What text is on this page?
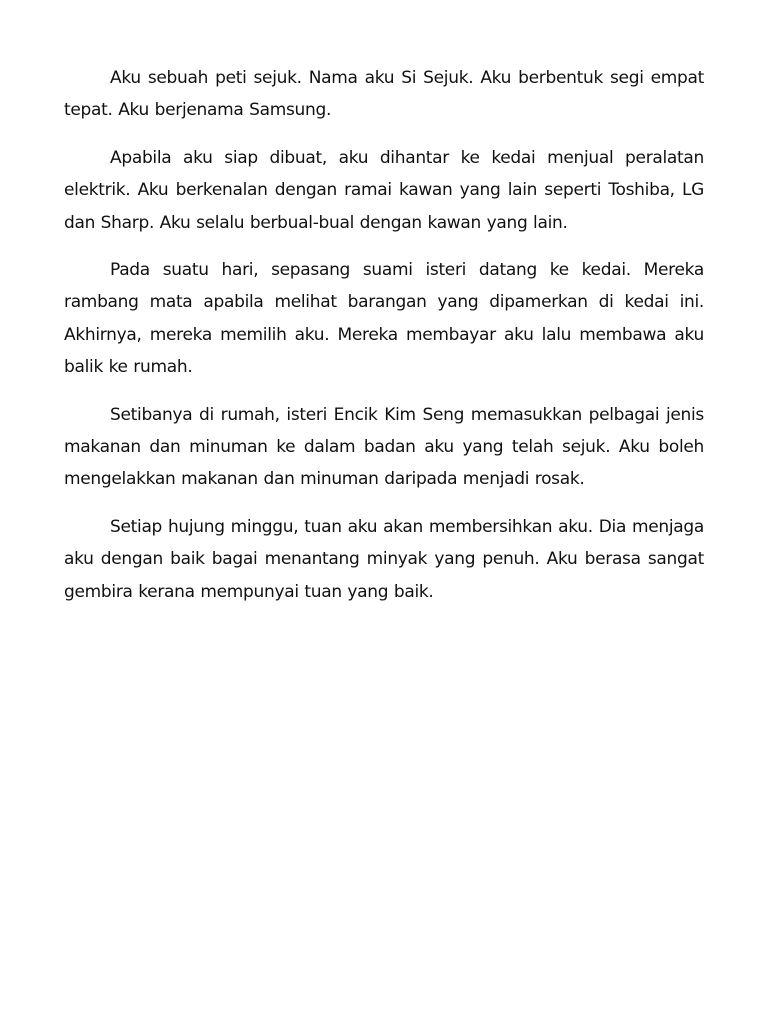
Aku sebuah peti sejuk. Nama aku Si Sejuk. Aku berbentuk segi empat tepat. Aku berjenama Samsung.

Apabila aku siap dibuat, aku dihantar ke kedai menjual peralatan elektrik. Aku berkenalan dengan ramai kawan yang lain seperti Toshiba, LG dan Sharp. Aku selalu berbual-bual dengan kawan yang lain.

Pada suatu hari, sepasang suami isteri datang ke kedai. Mereka rambang mata apabila melihat barangan yang dipamerkan di kedai ini. Akhirnya, mereka memilih aku. Mereka membayar aku lalu membawa aku balik ke rumah.

Setibanya di rumah, isteri Encik Kim Seng memasukkan pelbagai jenis makanan dan minuman ke dalam badan aku yang telah sejuk. Aku boleh mengelakkan makanan dan minuman daripada menjadi rosak.

Setiap hujung minggu, tuan aku akan membersihkan aku. Dia menjaga aku dengan baik bagai menantang minyak yang penuh. Aku berasa sangat gembira kerana mempunyai tuan yang baik.
